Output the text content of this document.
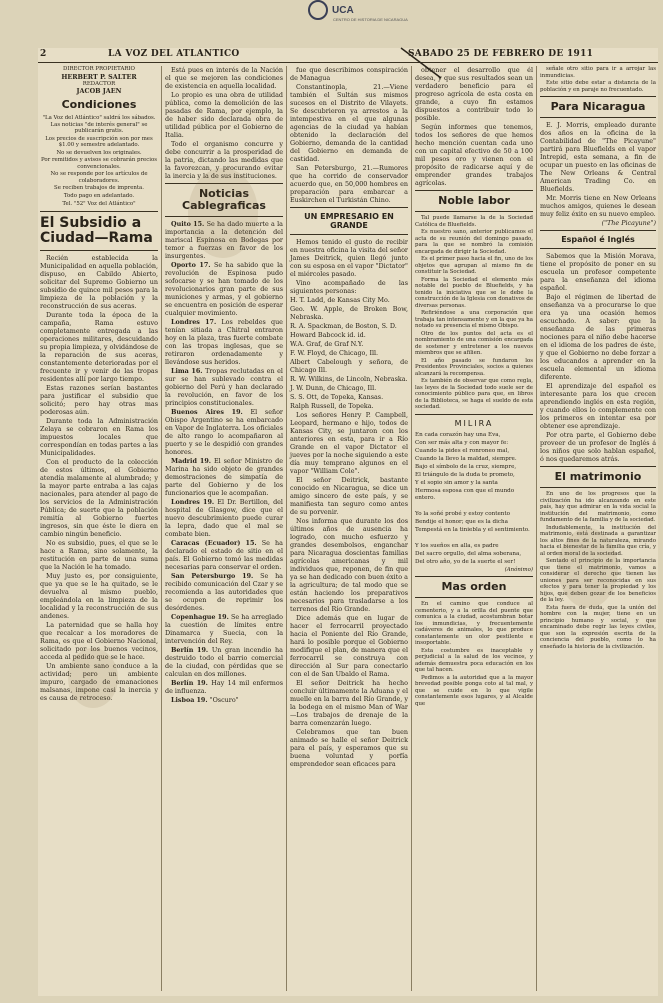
2	LA VOZ DEL ATLANTICO	SABADO 25 DE FEBRERO DE 1911
UCA
CENTRO DE HISTORIA DE NICARAGUA
DIRECTOR PROPIETARIO
HERBERT P. SALTER
REDACTOR
JACOB JAEN
Condiciones

"La Voz del Atlántico" saldrá los sábados. Las noticias "de interés general" se publicarán gratis.

Los precios de suscripción son por mes $1.00 y semestre adelantado.

No se devuelven los originales.

Por remitidos y avisos se cobrarán precios convencionales.

No se responde por los artículos de colaboradores.

Se reciben trabajos de imprenta.

Todo pago en adelantado.

Tel. "52" Voz del Atlántico"
El Subsidio a Ciudad—Rama

Recién establecida la Municipalidad en aquella población, dispuso, en Cabildo Abierto, solicitar del Supremo Gobierno un subsidio de quince mil pesos para la limpieza de la población y la reconstrucción de sus aceras.

Durante toda la época de la campaña, Rama estuvo completamente entregada a las operaciones militares, descuidando su propia limpieza, y olvidándose de la reparación de sus aceras, constantemente deterioradas por el frecuente ir y venir de las tropas residentes allí por largo tiempo.

Estas razones serían bastantes para justificar el subsidio que solicitó; pero hay otras mas poderosas aún.

Durante toda la Administración Zelaya se cobraron en Rama los impuestos locales que correspondían en todas partes a las Municipalidades.

Con el producto de la colección de estos últimos, el Gobierno atendía malamente al alumbrado; y la mayor parte entraba a las cajas nacionales, para atender al pago de los servicios de la Administración Pública; de suerte que la población remitía al Gobierno fuertes ingresos, sin que éste le diera en cambio ningún beneficio.

No es subsidio, pues, el que se le hace a Rama, sino solamente, la restitución en parte de una suma que la Nación le ha tomado.

Muy justo es, por consiguiente, que ya que se le ha quitado, se le devuelva al mismo pueblo, empleándola en la limpieza de la localidad y la reconstrucción de sus andenes.

La paternidad que se halla hoy que recalcar a los moradores de Rama, es que el Gobierno Nacional, solicitado por los buenos vecinos, acceda al pedido que se le hace.

Un ambiente sano conduce a la actividad; pero un ambiente impuro, cargado de emanaciones malsanas, impone casi la inercia y es causa de retroceso.

Está pues en interés de la Nación el que se mejoren las condiciones de existencia en aquella localidad.

Lo propio es una obra de utilidad pública, como la demolición de las pasadas de Rama, por ejemplo, la de haber sido declarada obra de utilidad pública por el Gobierno de Italia.

Todo el organismo concurre y debe concurrir a la prosperidad de la patria, dictando las medidas que la favorezcan, y procurando evitar la inercia y la de sus instituciones.

Noticias Cablegraficas

Quito 15. Se ha dado muerte a la importancia a la detención del mariscal Espinosa en Bodegas por temor a fuerzas en favor de los insurgentes.

Oporto 17. Se ha sabido que la revolución de Espinosa pudo sofocarse y se han tomado de los revolucionarios gran parte de sus municiones y armas, y el gobierno se encuentra en posición de esperar cualquier movimiento.

Londres 17. Los rebeldes que tenían sitiada a Chitral entraron hoy en la plaza, tras fuerte combate con las tropas inglesas, que se retiraron ordenadamente y llevándose sus heridos.

Lima 16. Tropas reclutadas en el sur se han sublevado contra el gobierno del Perú y han declarado la revolución, en favor de los principios constitucionales.

Buenos Aires 19. El señor Obispo Argentino se ha embarcado en Vapor de Inglaterra. Los oficiales de alto rango lo acompañaron al puerto y se le despidió con grandes honores.

Madrid 19. El señor Ministro de Marina ha sido objeto de grandes demostraciones de simpatía de parte del Gobierno y de los funcionarios que le acompañan.

Londres 19. El Dr. Bertillon, del hospital de Glasgow, dice que el nuevo descubrimiento puede curar la lepra, dado que el mal se combate bien.

Caracas (Ecuador) 15. Se ha declarado el estado de sitio en el país. El Gobierno tomó las medidas necesarias para conservar el orden.

San Petersburgo 19. Se ha recibido comunicación del Czar y se recomienda a las autoridades que se ocupen de reprimir los desórdenes.

Copenhague 19. Se ha arreglado la cuestión de límites entre Dinamarca y Suecia, con la intervención del Rey.

Berlín 19. Un gran incendio ha destruido todo el barrio comercial de la ciudad, con pérdidas que se calculan en dos millones.

Berlín 19. Hay 14 mil enfermos de influenza.

Lisboa 19. "Oscuro"

fue que describimos conspiración de Managua

Constantinopla, 21.—Viene también el Sultán sus mismos sucesos en el Distrito de Vilayets. Se descubrieron ya arrestos a la intempestiva en el que algunas agencias de la ciudad ya habían obtenido la declaración del Gobierno, demanda de la cantidad del Gobierno en demanda de castidad.

San Petersburgo, 21.—Rumores que ha corrido de conservador acuerdo que, en 50,000 hombres en preparación para embarcar a Euskirchen el Turkistán Chino.

UN EMPRESARIO EN GRANDE

Hemos tenido el gusto de recibir en nuestra oficina la visita del señor James Deitrick, quien llegó junto con su esposa en el vapor "Dictator" el miércoles pasado.

Vino acompañado de las siguientes personas:

H. T. Ladd, de Kansas City Mo.

Geo. W. Apple, de Broken Bow, Nebraska.

R. A. Spackman, de Boston, S. D.

Howard Babcock id. id.

W.A. Graf, de Graf N.Y.

F. W. Floyd, de Chicago, Ill.

Albert Cabelough y señora, de Chicago Ill.

R. W. Wilkins, de Lincoln, Nebraska.

J. W. Dunn, de Chicago, Ill.

S. S. Ott, de Topeka, Kansas.

Ralph Russell, de Topeka.

Los señores Henry P. Campbell, Leopard, hermano e hijo, todos de Kansas City, se juntaron con los anteriores en esta, para ir a Río Grande en el vapor Dictator el jueves por la noche siguiendo a este día muy temprano algunos en el vapor "William Cole".

El señor Deitrick, bastante conocido en Nicaragua, se dice un amigo sincero de este país, y se manifiesta tan seguro como antes de su porvenir.

Nos informa que durante los dos últimos años de ausencia ha logrado, con mucho esfuerzo y grandes desembolsos, enganchar para Nicaragua doscientas familias agrícolas americanas y mil individuos que, reponen, de fin que ya se han dedicado con buen éxito a la agricultura; de tal modo que se están haciendo los preparativos necesarios para trasladarse a los terrenos del Río Grande.

Dice además que en lugar de hacer el ferrocarril proyectado hacia el Poniente del Río Grande, hará lo posible porque el Gobierno modifique el plan, de manera que el ferrocarril se construya con dirección al Sur para conectarlo con el de San Ubaldo el Rama.

El señor Deitrick ha hecho concluir últimamente la Aduana y el muelle en la barra del Río Grande, y la bodega en el mismo Man of War—Los trabajos de drenaje de la barra comenzarán luego.

Celebramos que tan buen animado se halle el señor Deitrick para el país, y esperamos que su buena voluntad y porfía emprendedor sean eficaces para

obtener el desarrollo que él desea, y que sus resultados sean un verdadero beneficio para el progreso agrícola de esta costa en grande, a cuyo fin estamos dispuestos a contribuir todo lo posible.

Según informes que tenemos, todos los señores de que hemos hecho mención cuentan cada uno con un capital efectivo de 50 a 100 mil pesos oro y vienen con el propósito de radicarse aquí y de emprender grandes trabajos agrícolas.

Noble labor

Tal puede llamarse la de la Sociedad Católica de Bluefields.

Es nuestro sano, anterior publicamos el acta de su reunión del domingo pasado, para la que se nombró la comisión encargada de dirigir la Sociedad.

Es el primer paso hacia el fin, uno de los objetos que agrupan al mismo fin de constituir la Sociedad.

Forma la Sociedad el elemento más notable del pueblo de Bluefields, y ha tenido la iniciativa que se le debe la construcción de la Iglesia con donativos de diversas personas.

Refiriéndose a una corporación que trabaja tan intensamente y en la que ya ha notado su presencia el mismo Obispo.

Otro de los puntos del acta es el nombramiento de una comisión encargada de sostener y entretener a los nuevos miembros que se afilien.

El año pasado se fundaron los Presidentes Provinciales, socios a quienes alcanzará la recompensa.

Es también de observar que como regla, las leyes de la Sociedad todo suele ser de conocimiento público para que, en libros de la Biblioteca, se haga el sueldo de esta sociedad.

MILIRA

En cada corazón hay una Eva,

Con ser más alta y con mayor fe:

Cuando la pides el ronroneo mal,

Cuando la llevo la maldad, siempre.

Bajo el símbolo de la cruz, siempre,

El triángulo de la duda te prometo,

Y el sopio sin amor y la santa

Hermosa esposa con que el mundo entero.

Yo la soñé probé y estoy contento

Bendije el honor; que es la dicha

Tempestá en la tiniebla y el sentimiento.

Y los sueños en alla, es padre

Del sacro orgullo, del alma soberana,

Del otro año, yo de la suerte el ser!

(Anónimo)
Mas orden

En el camino que conduce al cementerio, y a la orilla del puente que comunica a la ciudad, acostumbran botar los inmundicias, y frecuentemente cadáveres de animales, lo que produce constantemente un olor pestilente e insoportable.

Esta costumbre es inaceptable y perjudicial a la salud de los vecinos, y además demuestra poca educación en los que tal hacen.

Pedimos a la autoridad que a la mayor brevedad posible ponga coto al tal mal, y que se cuide en lo que vigile constantemente esos lugares, y al Alcalde que

señale otro sitio para ir a arrojar las inmundicias.

Este sitio debe estar a distancia de la población y en paraje no frecuentado.

Para Nicaragua

E. J. Morris, empleado durante dos años en la oficina de la Contabilidad de "The Picayune" partirá para Bluefields en el vapor Intrepid, esta semana, a fin de ocupar un puesto en las oficinas de The New Orleans & Central American Trading Co. en Bluefields.

Mr. Morris tiene en New Orleans muchos amigos, quienes le desean muy feliz éxito en su nuevo empleo.

("The Picayune")
Español é Inglés

Sabemos que la Misión Morava, tiene el propósito de poner en su escuela un profesor competente para la enseñanza del idioma español.

Bajo el régimen de libertad de enseñanza va a procurarse lo que era ya una ocasión hemos escuchado. A saber: que la enseñanza de las primeras nociones para el niño debe hacerse en el idioma de los padres de éste, y que el Gobierno no debe forzar a los educandos a aprender en la escuela elemental un idioma diferente.

El aprendizaje del español es interesante para los que crecen aprendiendo inglés en esta región, y cuando ellos lo complemente con los primeros en intentar esa por obtener ese aprendizaje.

Por otra parte, el Gobierno debe proveer de un profesor de Inglés á los niños que solo hablan español, ó nos quedaremos atrás.

El matrimonio

En uno de los progresos que la civilización ha ido alcanzando en este país, hay que admirar en la vida social la institución del matrimonio, como fundamento de la familia y de la sociedad.

Indudablemente, la institución del matrimonio, está destinada a garantizar los altos fines de la naturaleza, mirando hacia el bienestar de la familia que cría, y al orden moral de la sociedad.

Sentado el principio de la importancia que tiene el matrimonio, vamos a considerar el derecho que tienen las uniones para ser reconocidas en sus efectos y para tener la propiedad y los hijos, que deben gozar de los beneficios de la ley.

Esta fuera de duda, que la unión del hombre con la mujer, tiene en un principio humano y social, y que encaminado debe regir las leyes civiles, que son la expresión escrita de la conciencia del pueblo, como lo ha enseñado la historia de la civilización.
